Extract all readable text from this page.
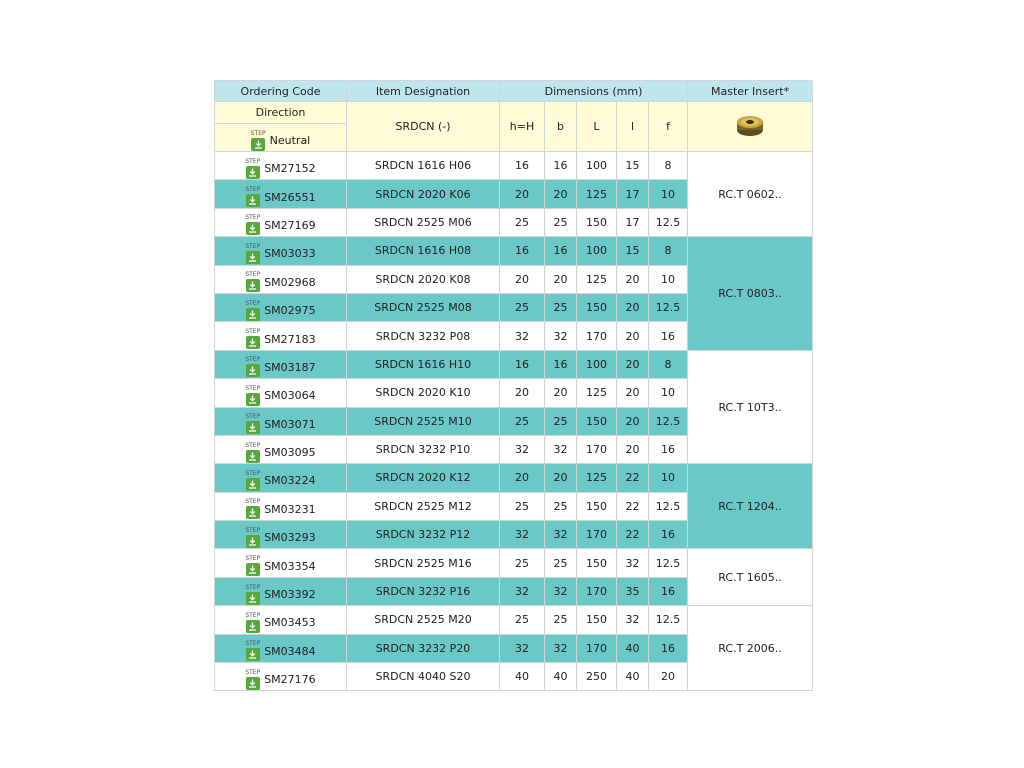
Ordering Code	Item Designation	Dimensions (mm)					Master Insert*
Direction	SRDCN (-)	h=H	b	L	l	f	

STEP
Neutral							

STEP
SM27152	SRDCN 1616 H06	16	16	100	15	8	RC.T 0602..

STEP
SM26551	SRDCN 2020 K06	20	20	125	17	10	

STEP
SM27169	SRDCN 2525 M06	25	25	150	17	12.5	

STEP
SM03033	SRDCN 1616 H08	16	16	100	15	8	RC.T 0803..

STEP
SM02968	SRDCN 2020 K08	20	20	125	20	10	

STEP
SM02975	SRDCN 2525 M08	25	25	150	20	12.5	

STEP
SM27183	SRDCN 3232 P08	32	32	170	20	16	

STEP
SM03187	SRDCN 1616 H10	16	16	100	20	8	RC.T 10T3..

STEP
SM03064	SRDCN 2020 K10	20	20	125	20	10	

STEP
SM03071	SRDCN 2525 M10	25	25	150	20	12.5	

STEP
SM03095	SRDCN 3232 P10	32	32	170	20	16	

STEP
SM03224	SRDCN 2020 K12	20	20	125	22	10	RC.T 1204..

STEP
SM03231	SRDCN 2525 M12	25	25	150	22	12.5	

STEP
SM03293	SRDCN 3232 P12	32	32	170	22	16	

STEP
SM03354	SRDCN 2525 M16	25	25	150	32	12.5	RC.T 1605..

STEP
SM03392	SRDCN 3232 P16	32	32	170	35	16	

STEP
SM03453	SRDCN 2525 M20	25	25	150	32	12.5	RC.T 2006..

STEP
SM03484	SRDCN 3232 P20	32	32	170	40	16	

STEP
SM27176	SRDCN 4040 S20	40	40	250	40	20	
